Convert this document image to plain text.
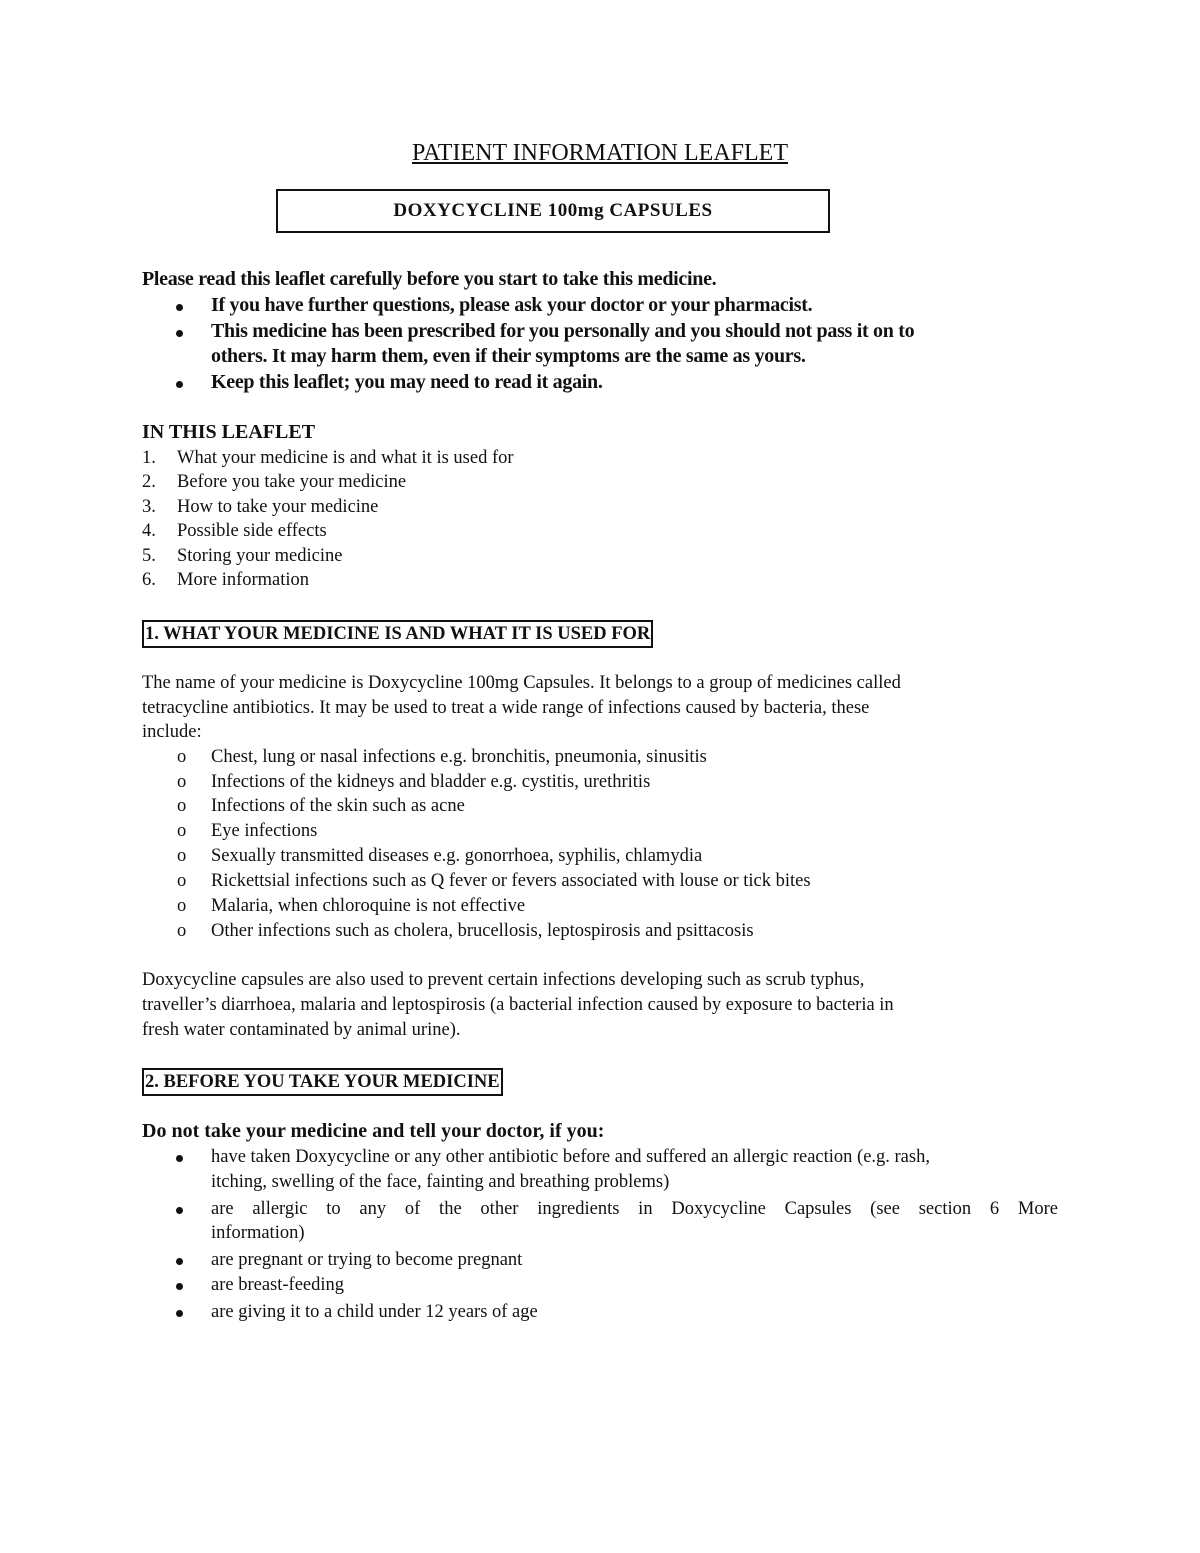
PATIENT INFORMATION LEAFLET
DOXYCYCLINE 100mg CAPSULES
Please read this leaflet carefully before you start to take this medicine.
If you have further questions, please ask your doctor or your pharmacist.
This medicine has been prescribed for you personally and you should not pass it on to
others. It may harm them, even if their symptoms are the same as yours.
Keep this leaflet; you may need to read it again.
IN THIS LEAFLET
1. What your medicine is and what it is used for
2. Before you take your medicine
3. How to take your medicine
4. Possible side effects
5. Storing your medicine
6. More information
1. WHAT YOUR MEDICINE IS AND WHAT IT IS USED FOR
The name of your medicine is Doxycycline 100mg Capsules. It belongs to a group of medicines called
tetracycline antibiotics. It may be used to treat a wide range of infections caused by bacteria, these
include:
o Chest, lung or nasal infections e.g. bronchitis, pneumonia, sinusitis
o Infections of the kidneys and bladder e.g. cystitis, urethritis
o Infections of the skin such as acne
o Eye infections
o Sexually transmitted diseases e.g. gonorrhoea, syphilis, chlamydia
o Rickettsial infections such as Q fever or fevers associated with louse or tick bites
o Malaria, when chloroquine is not effective
o Other infections such as cholera, brucellosis, leptospirosis and psittacosis
Doxycycline capsules are also used to prevent certain infections developing such as scrub typhus,
traveller’s diarrhoea, malaria and leptospirosis (a bacterial infection caused by exposure to bacteria in
fresh water contaminated by animal urine).
2. BEFORE YOU TAKE YOUR MEDICINE
Do not take your medicine and tell your doctor, if you:
have taken Doxycycline or any other antibiotic before and suffered an allergic reaction (e.g. rash,
itching, swelling of the face, fainting and breathing problems)
are allergic to any of the other ingredients in Doxycycline Capsules (see section 6 More
information)
are pregnant or trying to become pregnant
are breast-feeding
are giving it to a child under 12 years of age
